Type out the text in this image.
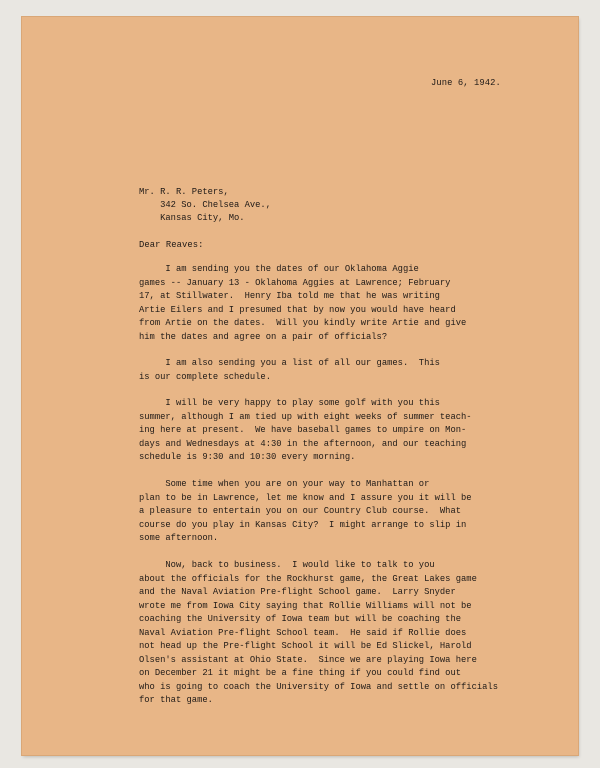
June 6, 1942.
Mr. R. R. Peters,
342 So. Chelsea Ave.,
Kansas City, Mo.
Dear Reaves:
I am sending you the dates of our Oklahoma Aggie
games -- January 13 - Oklahoma Aggies at Lawrence; February
17, at Stillwater.  Henry Iba told me that he was writing
Artie Eilers and I presumed that by now you would have heard
from Artie on the dates.  Will you kindly write Artie and give
him the dates and agree on a pair of officials?
I am also sending you a list of all our games.  This
is our complete schedule.
I will be very happy to play some golf with you this
summer, although I am tied up with eight weeks of summer teach-
ing here at present.  We have baseball games to umpire on Mon-
days and Wednesdays at 4:30 in the afternoon, and our teaching
schedule is 9:30 and 10:30 every morning.
Some time when you are on your way to Manhattan or
plan to be in Lawrence, let me know and I assure you it will be
a pleasure to entertain you on our Country Club course.  What
course do you play in Kansas City?  I might arrange to slip in
some afternoon.
Now, back to business.  I would like to talk to you
about the officials for the Rockhurst game, the Great Lakes game
and the Naval Aviation Pre-flight School game.  Larry Snyder
wrote me from Iowa City saying that Rollie Williams will not be
coaching the University of Iowa team but will be coaching the
Naval Aviation Pre-flight School team.  He said if Rollie does
not head up the Pre-flight School it will be Ed Slickel, Harold
Olsen's assistant at Ohio State.  Since we are playing Iowa here
on December 21 it might be a fine thing if you could find out
who is going to coach the University of Iowa and settle on officials
for that game.
